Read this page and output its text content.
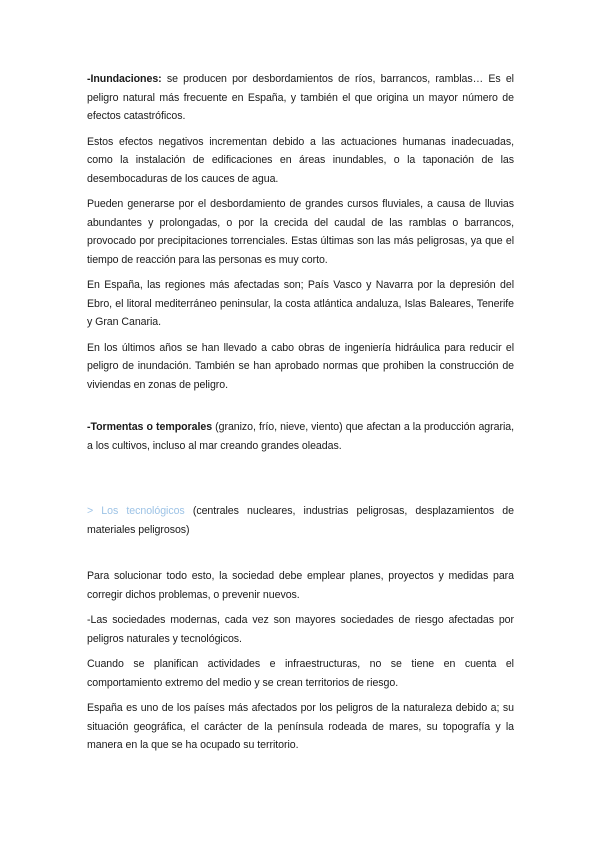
-Inundaciones: se producen por desbordamientos de ríos, barrancos, ramblas… Es el peligro natural más frecuente en España, y también el que origina un mayor número de efectos catastróficos.

Estos efectos negativos incrementan debido a las actuaciones humanas inadecuadas, como la instalación de edificaciones en áreas inundables, o la taponación de las desembocaduras de los cauces de agua.

Pueden generarse por el desbordamiento de grandes cursos fluviales, a causa de lluvias abundantes y prolongadas, o por la crecida del caudal de las ramblas o barrancos, provocado por precipitaciones torrenciales. Estas últimas son las más peligrosas, ya que el tiempo de reacción para las personas es muy corto.

En España, las regiones más afectadas son; País Vasco y Navarra por la depresión del Ebro, el litoral mediterráneo peninsular, la costa atlántica andaluza, Islas Baleares, Tenerife y Gran Canaria.

En los últimos años se han llevado a cabo obras de ingeniería hidráulica para reducir el peligro de inundación. También se han aprobado normas que prohiben la construcción de viviendas en zonas de peligro.

-Tormentas o temporales (granizo, frío, nieve, viento) que afectan a la producción agraria, a los cultivos, incluso al mar creando grandes oleadas.

> Los tecnológicos (centrales nucleares, industrias peligrosas, desplazamientos de materiales peligrosos)

Para solucionar todo esto, la sociedad debe emplear planes, proyectos y medidas para corregir dichos problemas, o prevenir nuevos.

-Las sociedades modernas, cada vez son mayores sociedades de riesgo afectadas por peligros naturales y tecnológicos.

Cuando se planifican actividades e infraestructuras, no se tiene en cuenta el comportamiento extremo del medio y se crean territorios de riesgo.

España es uno de los países más afectados por los peligros de la naturaleza debido a; su situación geográfica, el carácter de la península rodeada de mares, su topografía y la manera en la que se ha ocupado su territorio.
